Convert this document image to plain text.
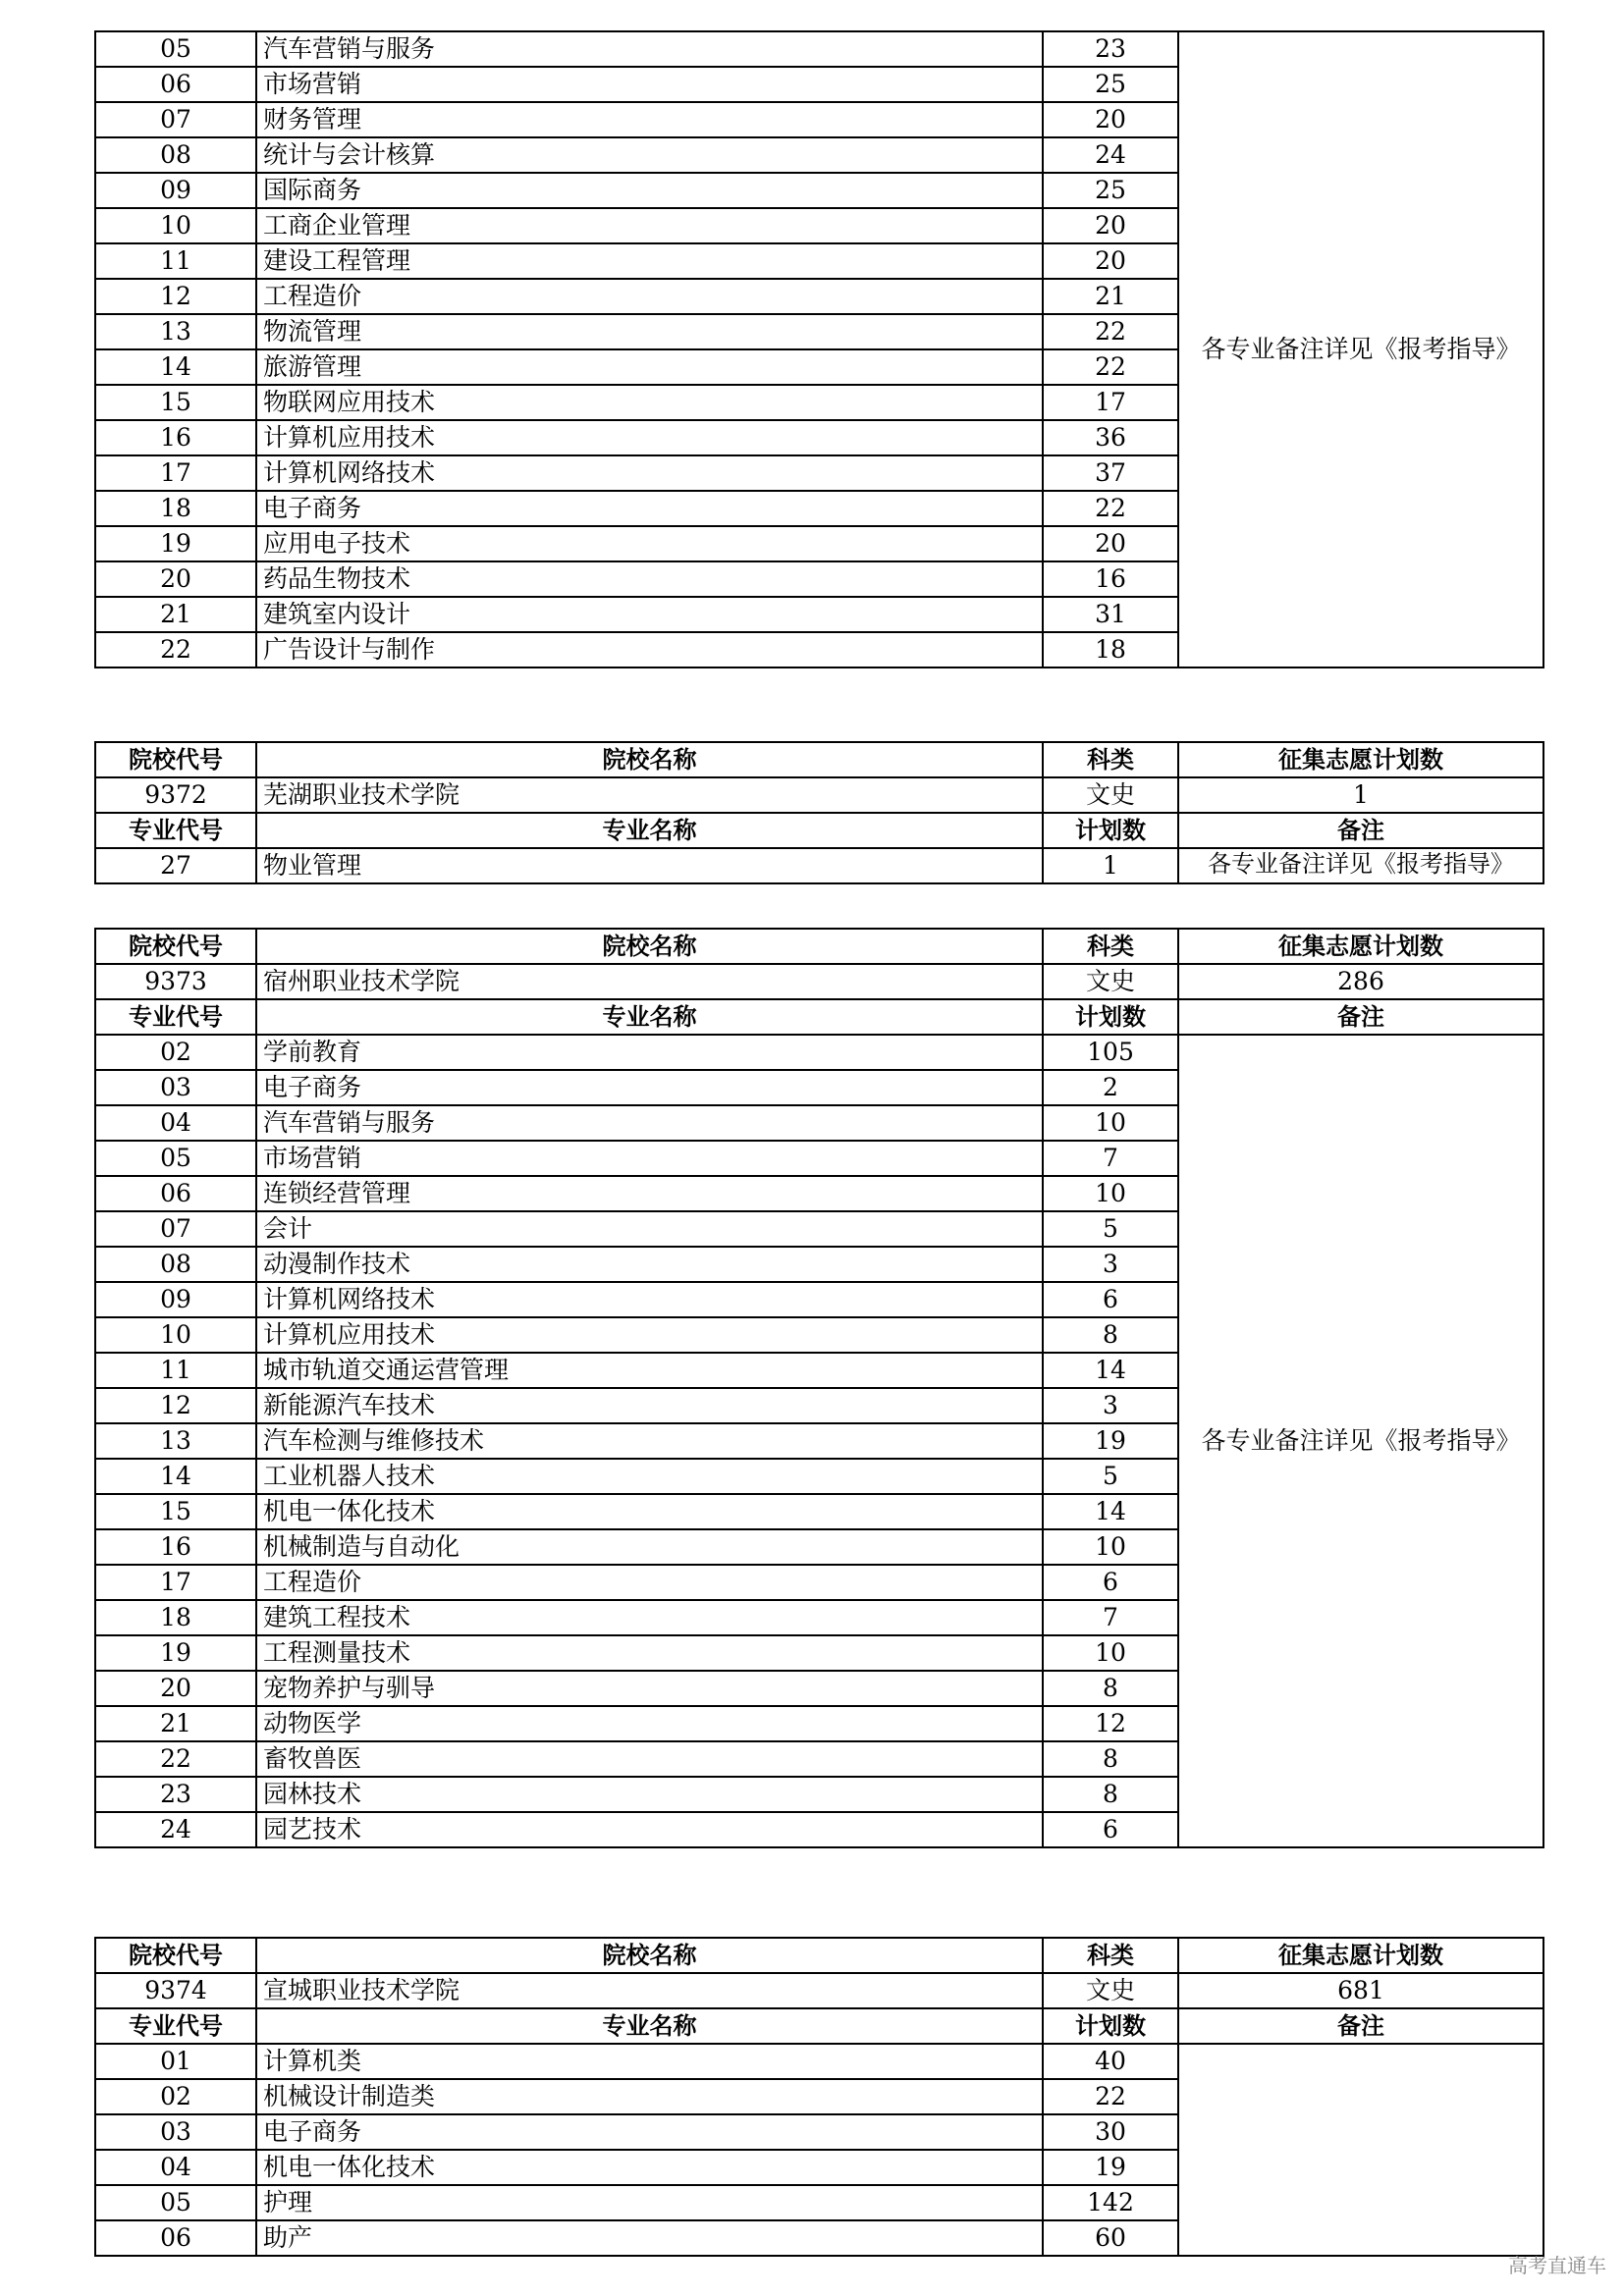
05	汽车营销与服务	23	各专业备注详见《报考指导》
06	市场营销	25	
07	财务管理	20	
08	统计与会计核算	24	
09	国际商务	25	
10	工商企业管理	20	
11	建设工程管理	20	
12	工程造价	21	
13	物流管理	22	
14	旅游管理	22	
15	物联网应用技术	17	
16	计算机应用技术	36	
17	计算机网络技术	37	
18	电子商务	22	
19	应用电子技术	20	
20	药品生物技术	16	
21	建筑室内设计	31	
22	广告设计与制作	18	
院校代号	院校名称	科类	征集志愿计划数
9372	芜湖职业技术学院	文史	1
专业代号	专业名称	计划数	备注
27	物业管理	1	各专业备注详见《报考指导》
院校代号	院校名称	科类	征集志愿计划数
9373	宿州职业技术学院	文史	286
专业代号	专业名称	计划数	备注
02	学前教育	105	各专业备注详见《报考指导》
03	电子商务	2	
04	汽车营销与服务	10	
05	市场营销	7	
06	连锁经营管理	10	
07	会计	5	
08	动漫制作技术	3	
09	计算机网络技术	6	
10	计算机应用技术	8	
11	城市轨道交通运营管理	14	
12	新能源汽车技术	3	
13	汽车检测与维修技术	19	
14	工业机器人技术	5	
15	机电一体化技术	14	
16	机械制造与自动化	10	
17	工程造价	6	
18	建筑工程技术	7	
19	工程测量技术	10	
20	宠物养护与驯导	8	
21	动物医学	12	
22	畜牧兽医	8	
23	园林技术	8	
24	园艺技术	6	
院校代号	院校名称	科类	征集志愿计划数
9374	宣城职业技术学院	文史	681
专业代号	专业名称	计划数	备注
01	计算机类	40	
02	机械设计制造类	22	
03	电子商务	30	
04	机电一体化技术	19	
05	护理	142	
06	助产	60	
高考直通车
